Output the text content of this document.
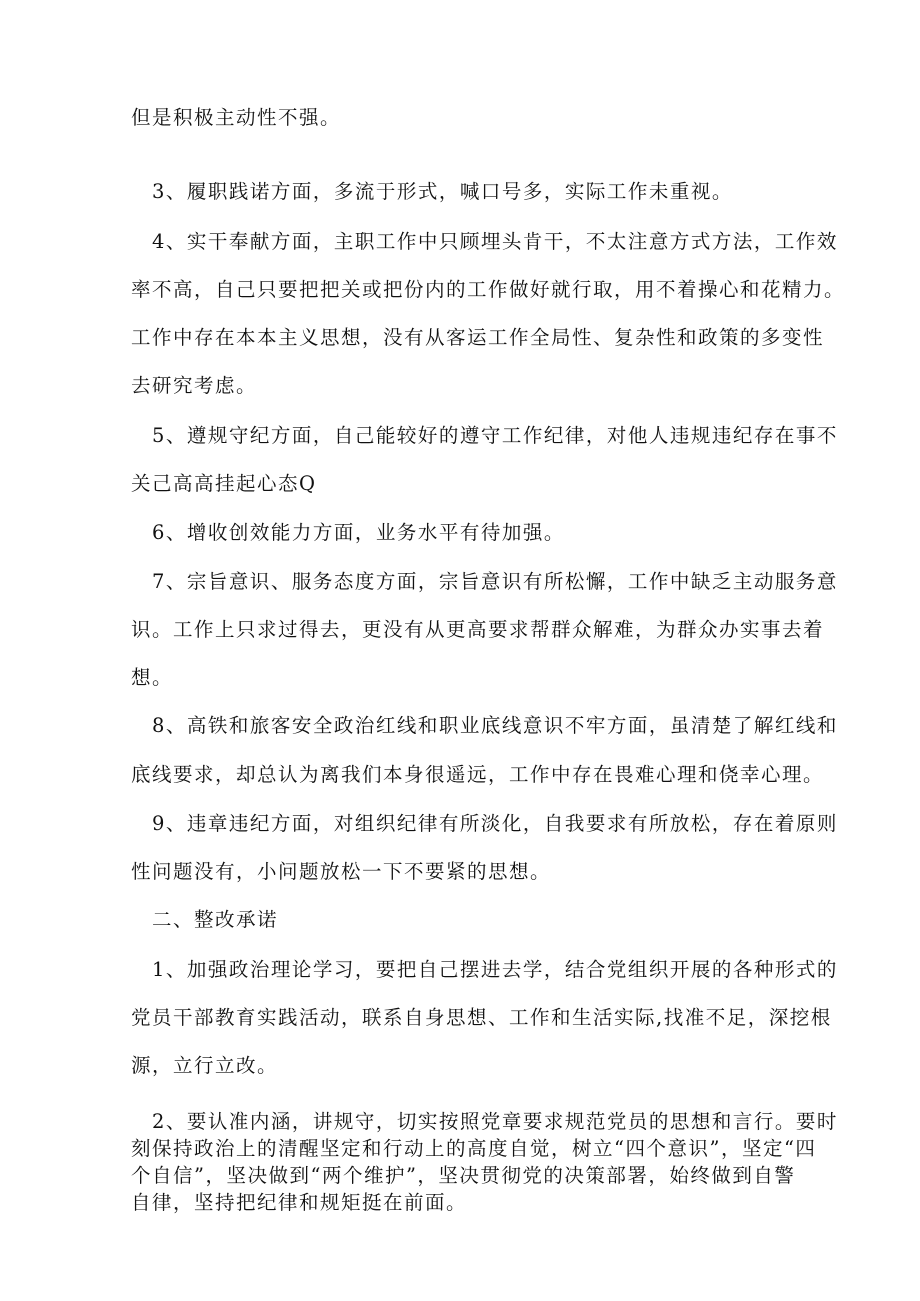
但是积极主动性不强。
3、履职践诺方面，多流于形式，喊口号多，实际工作未重视。
4、实干奉献方面，主职工作中只顾埋头肯干，不太注意方式方法，工作效
率不高，自己只要把把关或把份内的工作做好就行取，用不着操心和花精力。
工作中存在本本主义思想，没有从客运工作全局性、复杂性和政策的多变性
去研究考虑。
5、遵规守纪方面，自己能较好的遵守工作纪律，对他人违规违纪存在事不
关己高高挂起心态Q
6、增收创效能力方面，业务水平有待加强。
7、宗旨意识、服务态度方面，宗旨意识有所松懈，工作中缺乏主动服务意
识。工作上只求过得去，更没有从更高要求帮群众解难，为群众办实事去着
想。
8、高铁和旅客安全政治红线和职业底线意识不牢方面，虽清楚了解红线和
底线要求，却总认为离我们本身很遥远，工作中存在畏难心理和侥幸心理。
9、违章违纪方面，对组织纪律有所淡化，自我要求有所放松，存在着原则
性问题没有，小问题放松一下不要紧的思想。
二、整改承诺
1、加强政治理论学习，要把自己摆进去学，结合党组织开展的各种形式的
党员干部教育实践活动，联系自身思想、工作和生活实际,找准不足，深挖根
源，立行立改。
2、要认准内涵，讲规守，切实按照党章要求规范党员的思想和言行。要时
刻保持政治上的清醒坚定和行动上的高度自觉，树立“四个意识”，坚定“四
个自信”，坚决做到“两个维护”，坚决贯彻党的决策部署，始终做到自警
自律，坚持把纪律和规矩挺在前面。
